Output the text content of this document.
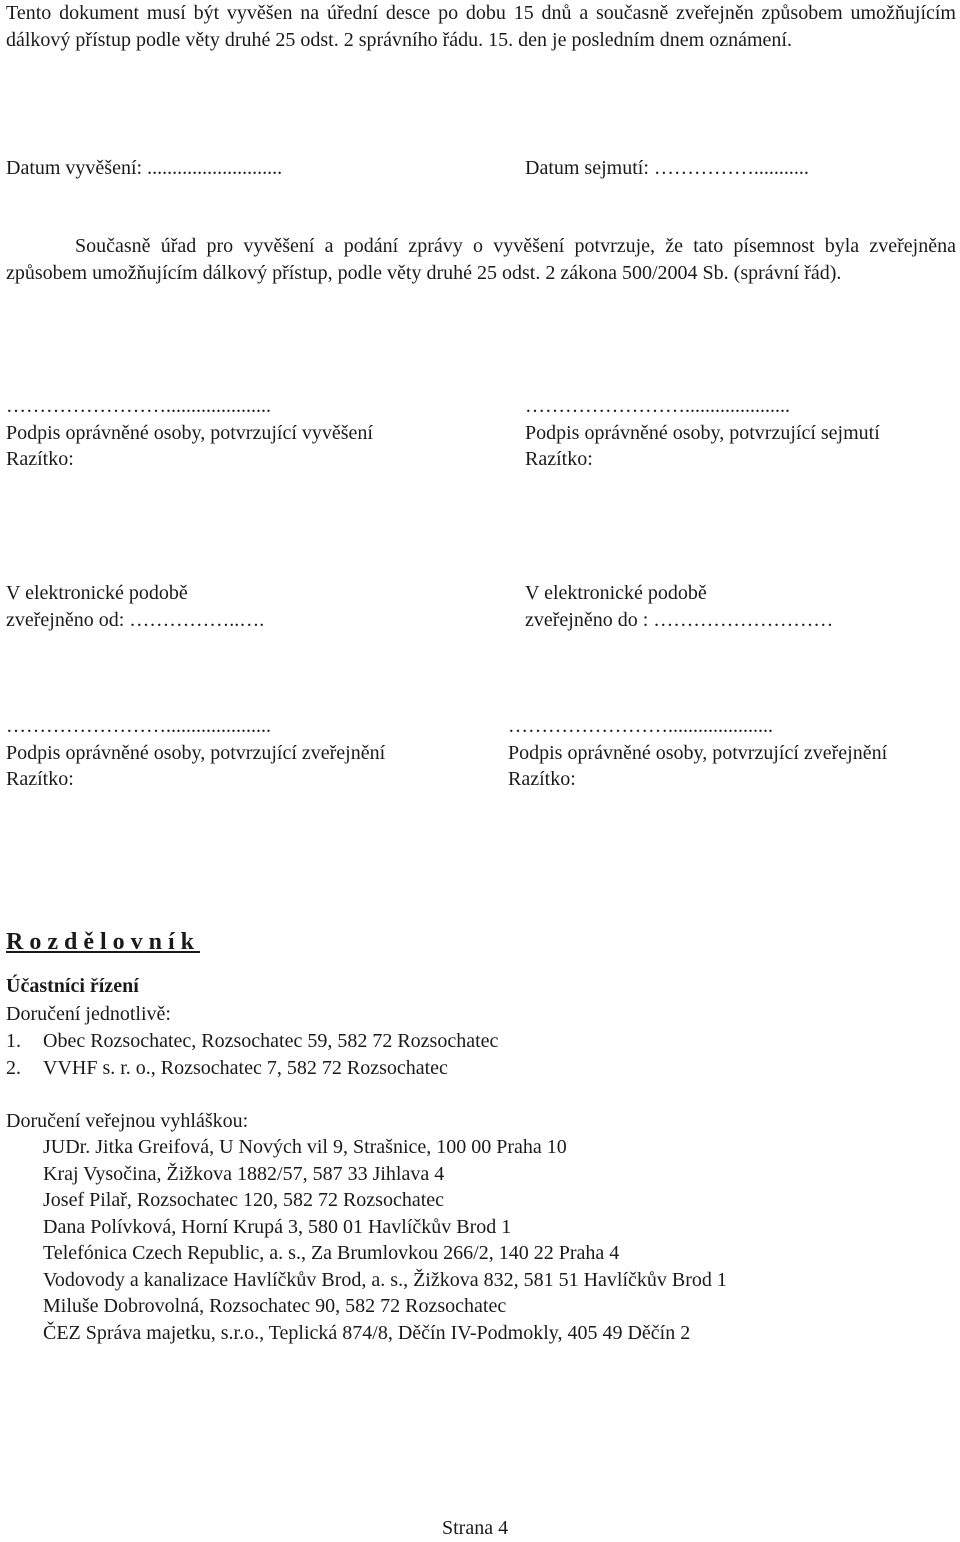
Tento dokument musí být vyvěšen na úřední desce po dobu 15 dnů a současně zveřejněn způsobem umožňujícím dálkový přístup podle věty druhé 25 odst. 2 správního řádu. 15. den je posledním dnem oznámení.
Datum vyvěšení: ...........................	Datum sejmutí: ……………...........
Současně úřad pro vyvěšení a podání zprávy o vyvěšení potvrzuje, že tato písemnost byla zveřejněna způsobem umožňujícím dálkový přístup, podle věty druhé 25 odst. 2 zákona 500/2004 Sb. (správní řád).
…………………….....................
Podpis oprávněné osoby, potvrzující vyvěšení
Razítko:
…………………….....................
Podpis oprávněné osoby, potvrzující sejmutí
Razítko:
V elektronické podobě
zveřejněno od: ……………..….
V elektronické podobě
zveřejněno do : ………………………
…………………….....................
Podpis oprávněné osoby, potvrzující zveřejnění
Razítko:
…………………….....................
Podpis oprávněné osoby, potvrzující zveřejnění
Razítko:
R o z d ě l o v n í k
Účastníci řízení
Doručení jednotlivě:
1. Obec Rozsochatec, Rozsochatec 59, 582 72 Rozsochatec
2. VVHF s. r. o., Rozsochatec 7, 582 72 Rozsochatec
Doručení veřejnou vyhláškou:
JUDr. Jitka Greifová, U Nových vil 9, Strašnice, 100 00 Praha 10
Kraj Vysočina, Žižkova 1882/57, 587 33 Jihlava 4
Josef Pilař, Rozsochatec 120, 582 72 Rozsochatec
Dana Polívková, Horní Krupá 3, 580 01 Havlíčkův Brod 1
Telefónica Czech Republic, a. s., Za Brumlovkou 266/2, 140 22 Praha 4
Vodovody a kanalizace Havlíčkův Brod, a. s., Žižkova 832, 581 51 Havlíčkův Brod 1
Miluše Dobrovolná, Rozsochatec 90, 582 72 Rozsochatec
ČEZ Správa majetku, s.r.o., Teplická 874/8, Děčín IV-Podmokly, 405 49 Děčín 2
Strana 4
